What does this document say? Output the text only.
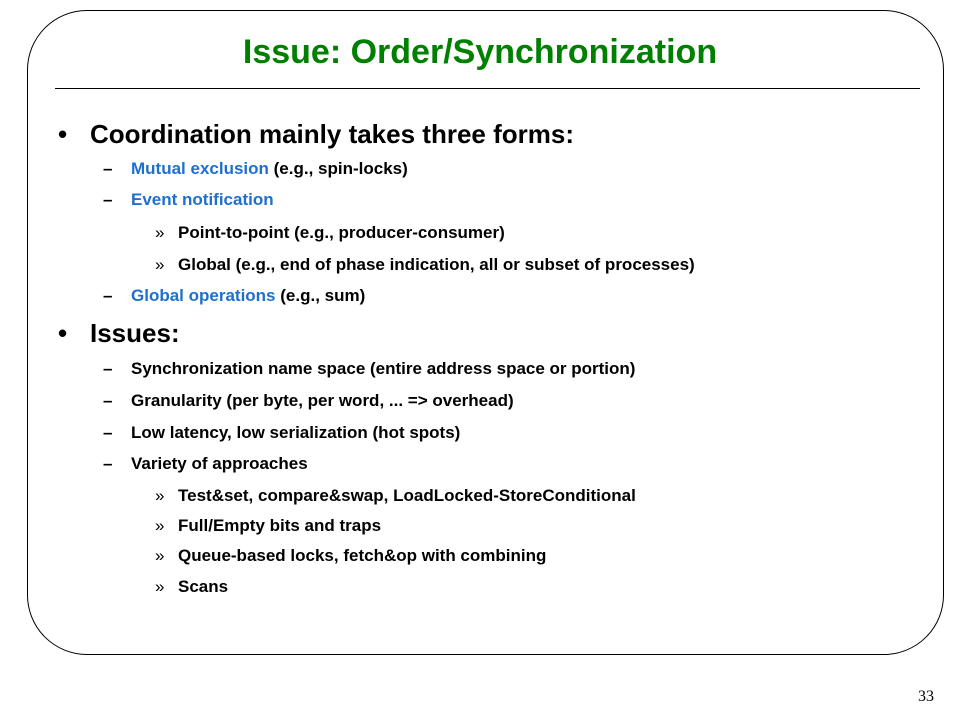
Issue: Order/Synchronization
• Coordination mainly takes three forms:
– Mutual exclusion (e.g., spin-locks)
– Event notification
» Point-to-point (e.g., producer-consumer)
» Global (e.g., end of phase indication, all or subset of processes)
– Global operations (e.g., sum)
• Issues:
– Synchronization name space (entire address space or portion)
– Granularity (per byte, per word, ... => overhead)
– Low latency, low serialization (hot spots)
– Variety of approaches
» Test&set, compare&swap, LoadLocked-StoreConditional
» Full/Empty bits and traps
» Queue-based locks, fetch&op with combining
» Scans
33
